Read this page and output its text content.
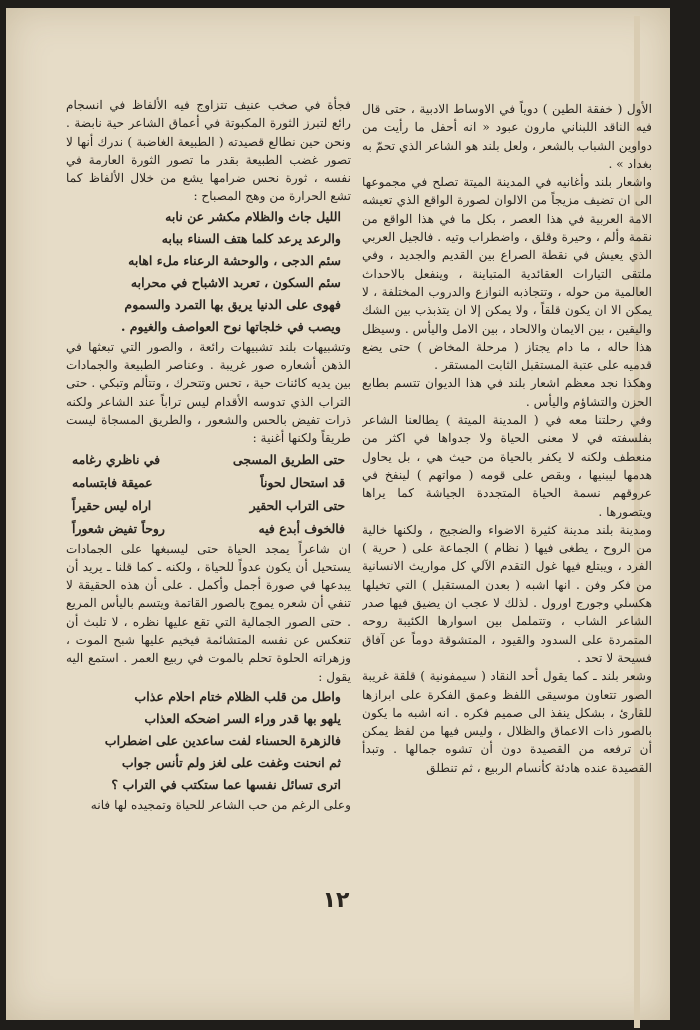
الأول ( خفقة الطين ) دوياً في الاوساط الادبية ، حتى قال فيه الناقد اللبناني مارون عبود « انه أحفل ما رأيت من دواوين الشباب بالشعر ، ولعل بلند هو الشاعر الذي تحمّ به بغداد » .

واشعار بلند وأغانيه في المدينة الميتة تصلح في مجموعها الى ان تضيف مزيجاً من الالوان لصورة الواقع الذي تعيشه الامة العربية في هذا العصر ، بكل ما في هذا الواقع من نقمة وألم ، وحيرة وقلق ، واضطراب وتيه . فالجيل العربي الذي يعيش في نقطة الصراع بين القديم والجديد ، وفي ملتقى التيارات العقائدية المتباينة ، وينفعل بالاحداث العالمية من حوله ، وتتجاذبه النوازع والدروب المختلفة ، لا يمكن الا ان يكون قلقاً ، ولا يمكن إلا ان يتذبذب بين الشك واليقين ، بين الايمان والالحاد ، بين الامل واليأس . وسيظل هذا حاله ، ما دام يجتاز ( مرحلة المخاض ) حتى يضع قدميه على عتبة المستقبل الثابت المستقر .

وهكذا نجد معظم اشعار بلند في هذا الديوان تتسم بطابع الحزن والتشاؤم واليأس .

وفي رحلتنا معه في ( المدينة الميتة ) يطالعنا الشاعر بفلسفته في لا معنى الحياة ولا جدواها في اكثر من منعطف ولكنه لا يكفر بالحياة من حيث هي ، بل يحاول هدمها ليبنيها ، وبقص على قومه ( مواتهم ) لينفخ في عروقهم نسمة الحياة المتجددة الجياشة كما يراها ويتصورها .

ومدينة بلند مدينة كثيرة الاضواء والضجيج ، ولكنها خالية من الروح ، يطغى فيها ( نظام ) الجماعة على ( حرية ) الفرد ، ويبتلع فيها غول التقدم الآلي كل مواريث الانسانية من فكر وفن . انها اشبه ( بعدن المستقبل ) التي تخيلها هكسلي وجورج اورول . لذلك لا عجب ان يضيق فيها صدر الشاعر الشاب ، وتتململ بين اسوارها الكئيبة روحه المتمردة على السدود والقيود ، المتشوقة دوماً عن آفاق فسيحة لا تحد .

وشعر بلند ـ كما يقول أحد النقاد ( سيمفونية ) قلقة غريبة الصور تتعاون موسيقى اللفظ وعمق الفكرة على ابرازها للقارئ ، بشكل ينفذ الى صميم فكره . انه اشبه ما يكون بالصور ذات الاعماق والظلال ، وليس فيها من لفظ يمكن أن ترفعه من القصيدة دون أن تشوه جمالها . وتبدأ القصيدة عنده هادئة كأنسام الربيع ، ثم تنطلق

فجأة في صخب عنيف تتزاوج فيه الألفاظ في انسجام رائع لتبرز الثورة المكبوتة في أعماق الشاعر حية نابضة . ونحن حين نطالع قصيدته ( الطبيعة الغاضبة ) ندرك أنها لا تصور غضب الطبيعة بقدر ما تصور الثورة العارمة في نفسه ، ثورة نحس ضرامها يشع من خلال الألفاظ كما تشع الحرارة من وهج المصباح :

الليل جاث والظلام مكشر عن نابه

والرعد يرعد كلما هتف السناء ببابه

سئم الدجى ، والوحشة الرعناء ملء اهابه

سئم السكون ، تعربد الاشباح في محرابه

فهوى على الدنيا يريق بها التمرد والسموم

ويصب في خلجاتها نوح العواصف والغيوم .

وتشبيهات بلند تشبيهات رائعة ، والصور التي تبعثها في الذهن أشعاره صور غريبة . وعناصر الطبيعة والجمادات بين يديه كائنات حية ، تحس وتتحرك ، وتتألم وتبكي . حتى التراب الذي تدوسه الأقدام ليس تراباً عند الشاعر ولكنه ذرات تفيض بالحس والشعور ، والطريق المسجاة ليست طريقاً ولكنها أغنية :

حتى الطريق المسجى
في ناظري رغامه
قد استحال لحوناً
عميقة فابتسامه
حتى التراب الحقير
اراه ليس حقيراً
فالخوف أبدع فيه
روحاً تفيض شعوراً

ان شاعراً يمجد الحياة حتى ليسبغها على الجمادات يستحيل أن يكون عدواً للحياة ، ولكنه ـ كما قلنا ـ يريد أن يبدعها في صورة أجمل وأكمل . على أن هذه الحقيقة لا تنفي أن شعره يموج بالصور القاتمة ويتسم باليأس المريع . حتى الصور الجمالية التي تقع عليها نظره ، لا تلبث أن تنعكس عن نفسه المتشائمة فيخيم عليها شبح الموت ، وزهراته الحلوة تحلم بالموت في ربيع العمر . استمع اليه يقول :

واطل من قلب الظلام ختام احلام عذاب

يلهو بها قدر وراء السر اضحكه العذاب

فالزهرة الحسناء لفت ساعدين على اضطراب

ثم انحنت وغفت على لغز ولم تأنس جواب

اترى تسائل نفسها عما ستكتب في التراب ؟

وعلى الرغم من حب الشاعر للحياة وتمجيده لها فانه

١٢
